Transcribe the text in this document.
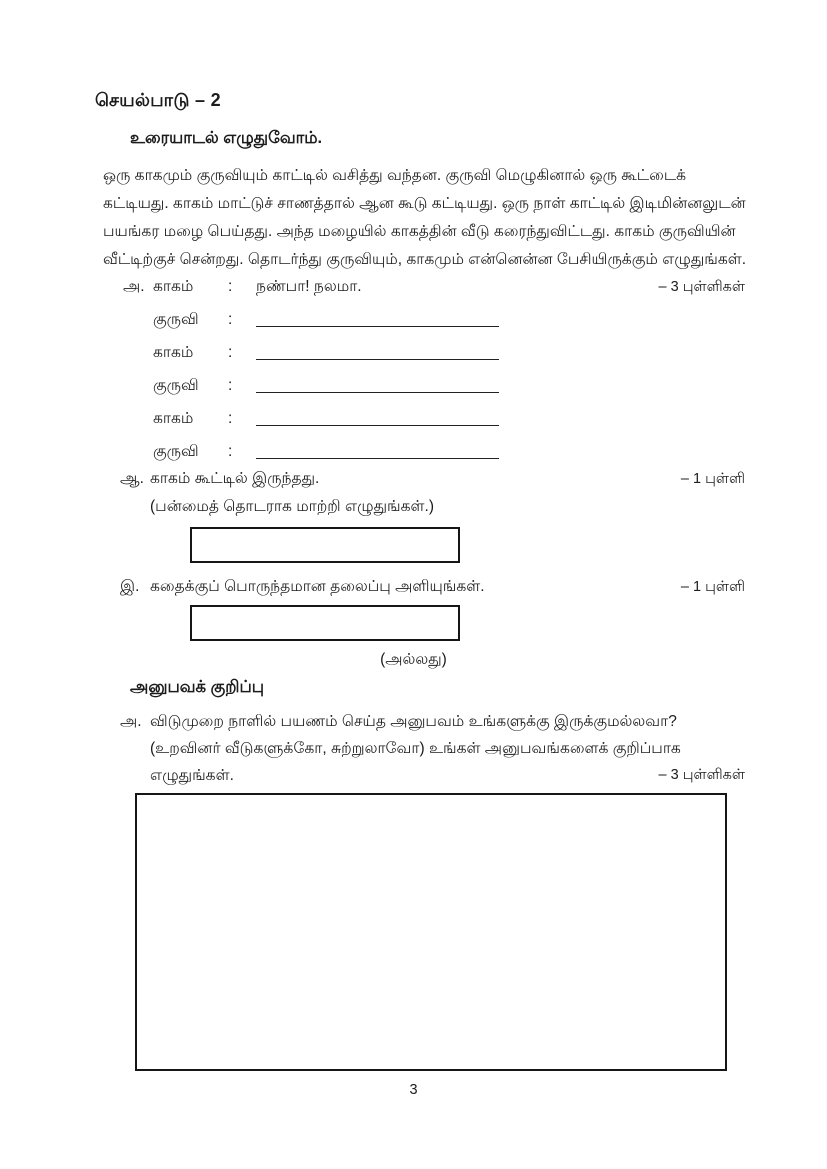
செயல்பாடு – 2
உரையாடல் எழுதுவோம்.
ஒரு காகமும் குருவியும் காட்டில் வசித்து வந்தன. குருவி மெழுகினால் ஒரு கூட்டைக்
கட்டியது. காகம் மாட்டுச் சாணத்தால் ஆன கூடு கட்டியது. ஒரு நாள் காட்டில் இடிமின்னலுடன்
பயங்கர மழை பெய்தது. அந்த மழையில் காகத்தின் வீடு கரைந்துவிட்டது. காகம் குருவியின்
வீட்டிற்குச் சென்றது. தொடர்ந்து குருவியும், காகமும் என்னென்ன பேசியிருக்கும் எழுதுங்கள்.
அ. காகம்	:	நண்பா! நலமா.	– 3 புள்ளிகள்
குருவி	:
காகம்	:
குருவி	:
காகம்	:
குருவி	:
ஆ. காகம் கூட்டில் இருந்தது.	– 1 புள்ளி
(பன்மைத் தொடராக மாற்றி எழுதுங்கள்.)
இ. கதைக்குப் பொருந்தமான தலைப்பு அளியுங்கள்.	– 1 புள்ளி
(அல்லது)
அனுபவக் குறிப்பு
அ. விடுமுறை நாளில் பயணம் செய்த அனுபவம் உங்களுக்கு இருக்குமல்லவா?
(உறவினர் வீடுகளுக்கோ, சுற்றுலாவோ) உங்கள் அனுபவங்களைக் குறிப்பாக
எழுதுங்கள்.	– 3 புள்ளிகள்
3
